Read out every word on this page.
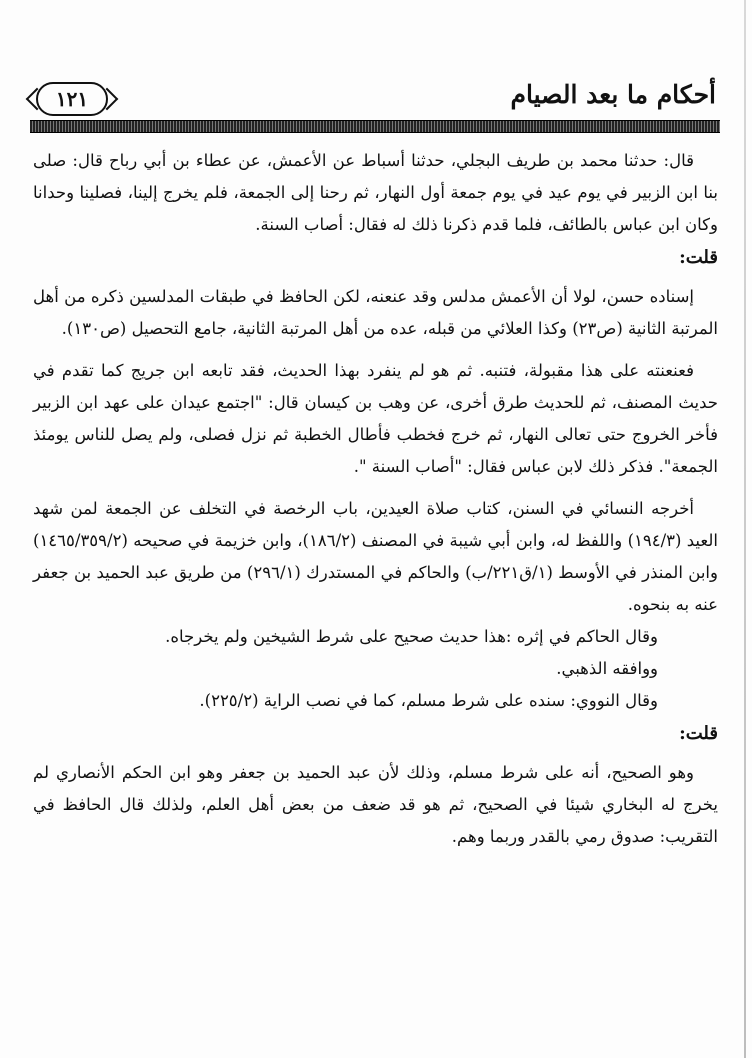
١٢١	أحكام ما بعد الصيام

قال: حدثنا محمد بن طريف البجلي، حدثنا أسباط عن الأعمش، عن عطاء بن أبي رباح قال: صلى بنا ابن الزبير في يوم عيد في يوم جمعة أول النهار، ثم رحنا إلى الجمعة، فلم يخرج إلينا، فصلينا وحدانا وكان ابن عباس بالطائف، فلما قدم ذكرنا ذلك له فقال: أصاب السنة.

قلت:

إسناده حسن، لولا أن الأعمش مدلس وقد عنعنه، لكن الحافظ في طبقات المدلسين ذكره من أهل المرتبة الثانية (ص٢٣) وكذا العلائي من قبله، عده من أهل المرتبة الثانية، جامع التحصيل (ص١٣٠).

فعنعنته على هذا مقبولة، فتنبه. ثم هو لم ينفرد بهذا الحديث، فقد تابعه ابن جريج كما تقدم في حديث المصنف، ثم للحديث طرق أخرى، عن وهب بن كيسان قال: "اجتمع عيدان على عهد ابن الزبير فأخر الخروج حتى تعالى النهار، ثم خرج فخطب فأطال الخطبة ثم نزل فصلى، ولم يصل للناس يومئذ الجمعة". فذكر ذلك لابن عباس فقال: "أصاب السنة ".

أخرجه النسائي في السنن، كتاب صلاة العيدين، باب الرخصة في التخلف عن الجمعة لمن شهد العيد (١٩٤/٣) واللفظ له، وابن أبي شيبة في المصنف (١٨٦/٢)، وابن خزيمة في صحيحه (١٤٦٥/٣٥٩/٢) وابن المنذر في الأوسط (١/ق٢٢١/ب) والحاكم في المستدرك (٢٩٦/١) من طريق عبد الحميد بن جعفر عنه به بنحوه.

وقال الحاكم في إثره :هذا حديث صحيح على شرط الشيخين ولم يخرجاه.

ووافقه الذهبي.

وقال النووي: سنده على شرط مسلم، كما في نصب الراية (٢٢٥/٢).

قلت:

وهو الصحيح، أنه على شرط مسلم، وذلك لأن عبد الحميد بن جعفر وهو ابن الحكم الأنصاري لم يخرج له البخاري شيئا في الصحيح، ثم هو قد ضعف من بعض أهل العلم، ولذلك قال الحافظ في التقريب: صدوق رمي بالقدر وربما وهم.
